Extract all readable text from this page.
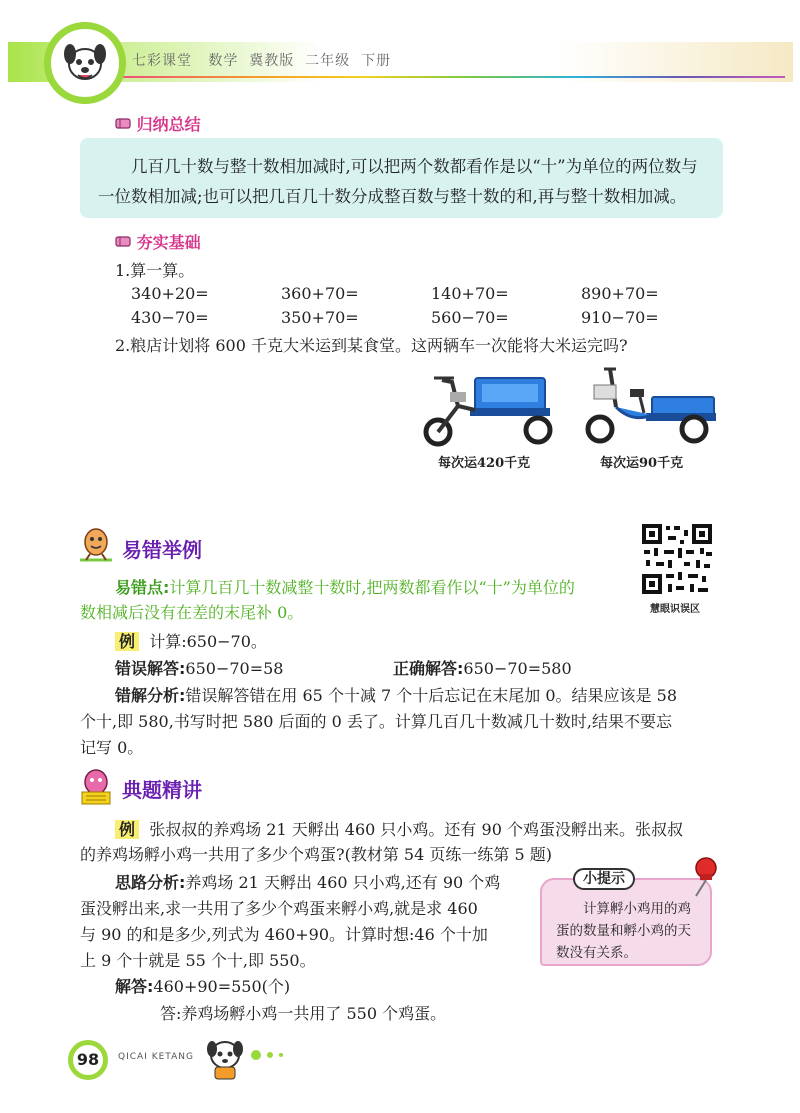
七彩课堂 数学 冀教版 二年级 下册
归纳总结

几百几十数与整十数相加减时,可以把两个数都看作是以“十”为单位的两位数与一位数相加减;也可以把几百几十数分成整百数与整十数的和,再与整十数相加减。

夯实基础
1.算一算。
340+20=	360+70=	140+70=	890+70=
430−70=	350+70=	560−70=	910−70=
2.粮店计划将 600 千克大米运到某食堂。这两辆车一次能将大米运完吗?
每次运420千克	每次运90千克
易错举例
慧眼识误区
易错点:计算几百几十数减整十数时,把两数都看作以“十”为单位的
数相减后没有在差的末尾补 0。
例 计算:650−70。
错误解答:650−70=58	正确解答:650−70=580
错解分析:错误解答错在用 65 个十减 7 个十后忘记在末尾加 0。结果应该是 58
个十,即 580,书写时把 580 后面的 0 丢了。计算几百几十数减几十数时,结果不要忘
记写 0。
典题精讲
例 张叔叔的养鸡场 21 天孵出 460 只小鸡。还有 90 个鸡蛋没孵出来。张叔叔
的养鸡场孵小鸡一共用了多少个鸡蛋?(教材第 54 页练一练第 5 题)
思路分析:养鸡场 21 天孵出 460 只小鸡,还有 90 个鸡
蛋没孵出来,求一共用了多少个鸡蛋来孵小鸡,就是求 460
与 90 的和是多少,列式为 460+90。计算时想:46 个十加
上 9 个十就是 55 个十,即 550。
解答:460+90=550(个)
答:养鸡场孵小鸡一共用了 550 个鸡蛋。

计算孵小鸡用的鸡蛋的数量和孵小鸡的天数没有关系。

小提示
98	QICAI KETANG
